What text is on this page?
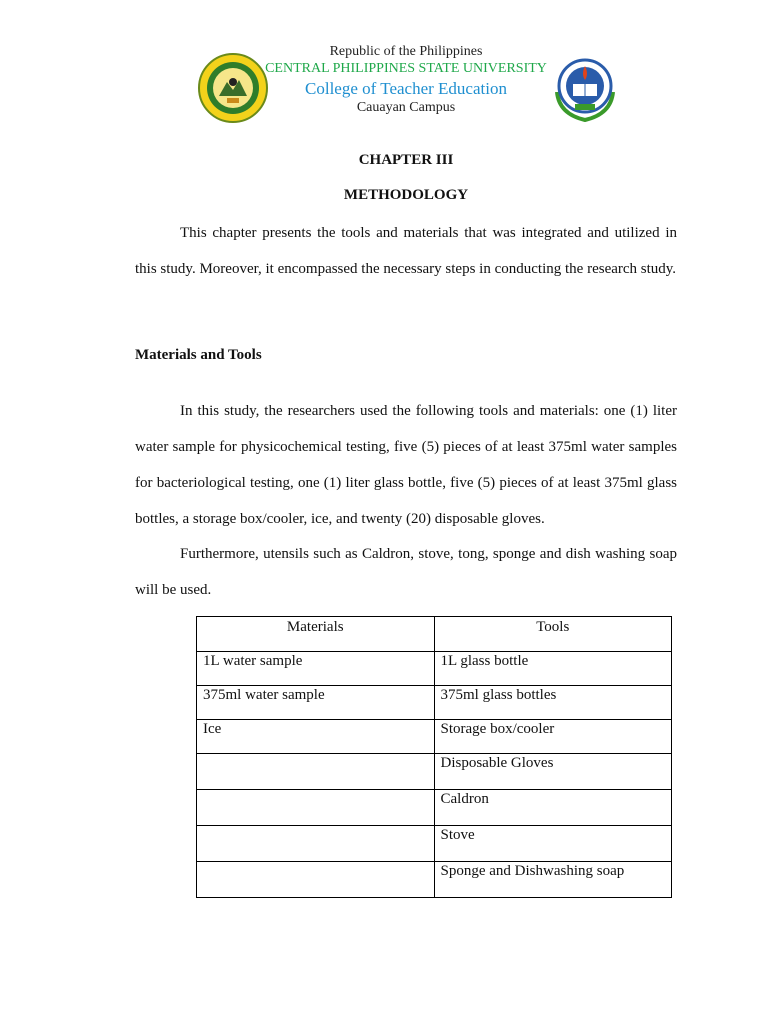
Republic of the Philippines
CENTRAL PHILIPPINES STATE UNIVERSITY
College of Teacher Education
Cauayan Campus
CHAPTER III
METHODOLOGY

This chapter presents the tools and materials that was integrated and utilized in this study. Moreover, it encompassed the necessary steps in conducting the research study.

Materials and Tools

In this study, the researchers used the following tools and materials: one (1) liter water sample for physicochemical testing, five (5) pieces of at least 375ml water samples for bacteriological testing, one (1) liter glass bottle, five (5) pieces of at least 375ml glass bottles, a storage box/cooler, ice, and twenty (20) disposable gloves.

Furthermore, utensils such as Caldron, stove, tong, sponge and dish washing soap will be used.

Materials	Tools
1L water sample	1L glass bottle
375ml water sample	375ml glass bottles
Ice	Storage box/cooler
	Disposable Gloves
	Caldron
	Stove
	Sponge and Dishwashing soap
